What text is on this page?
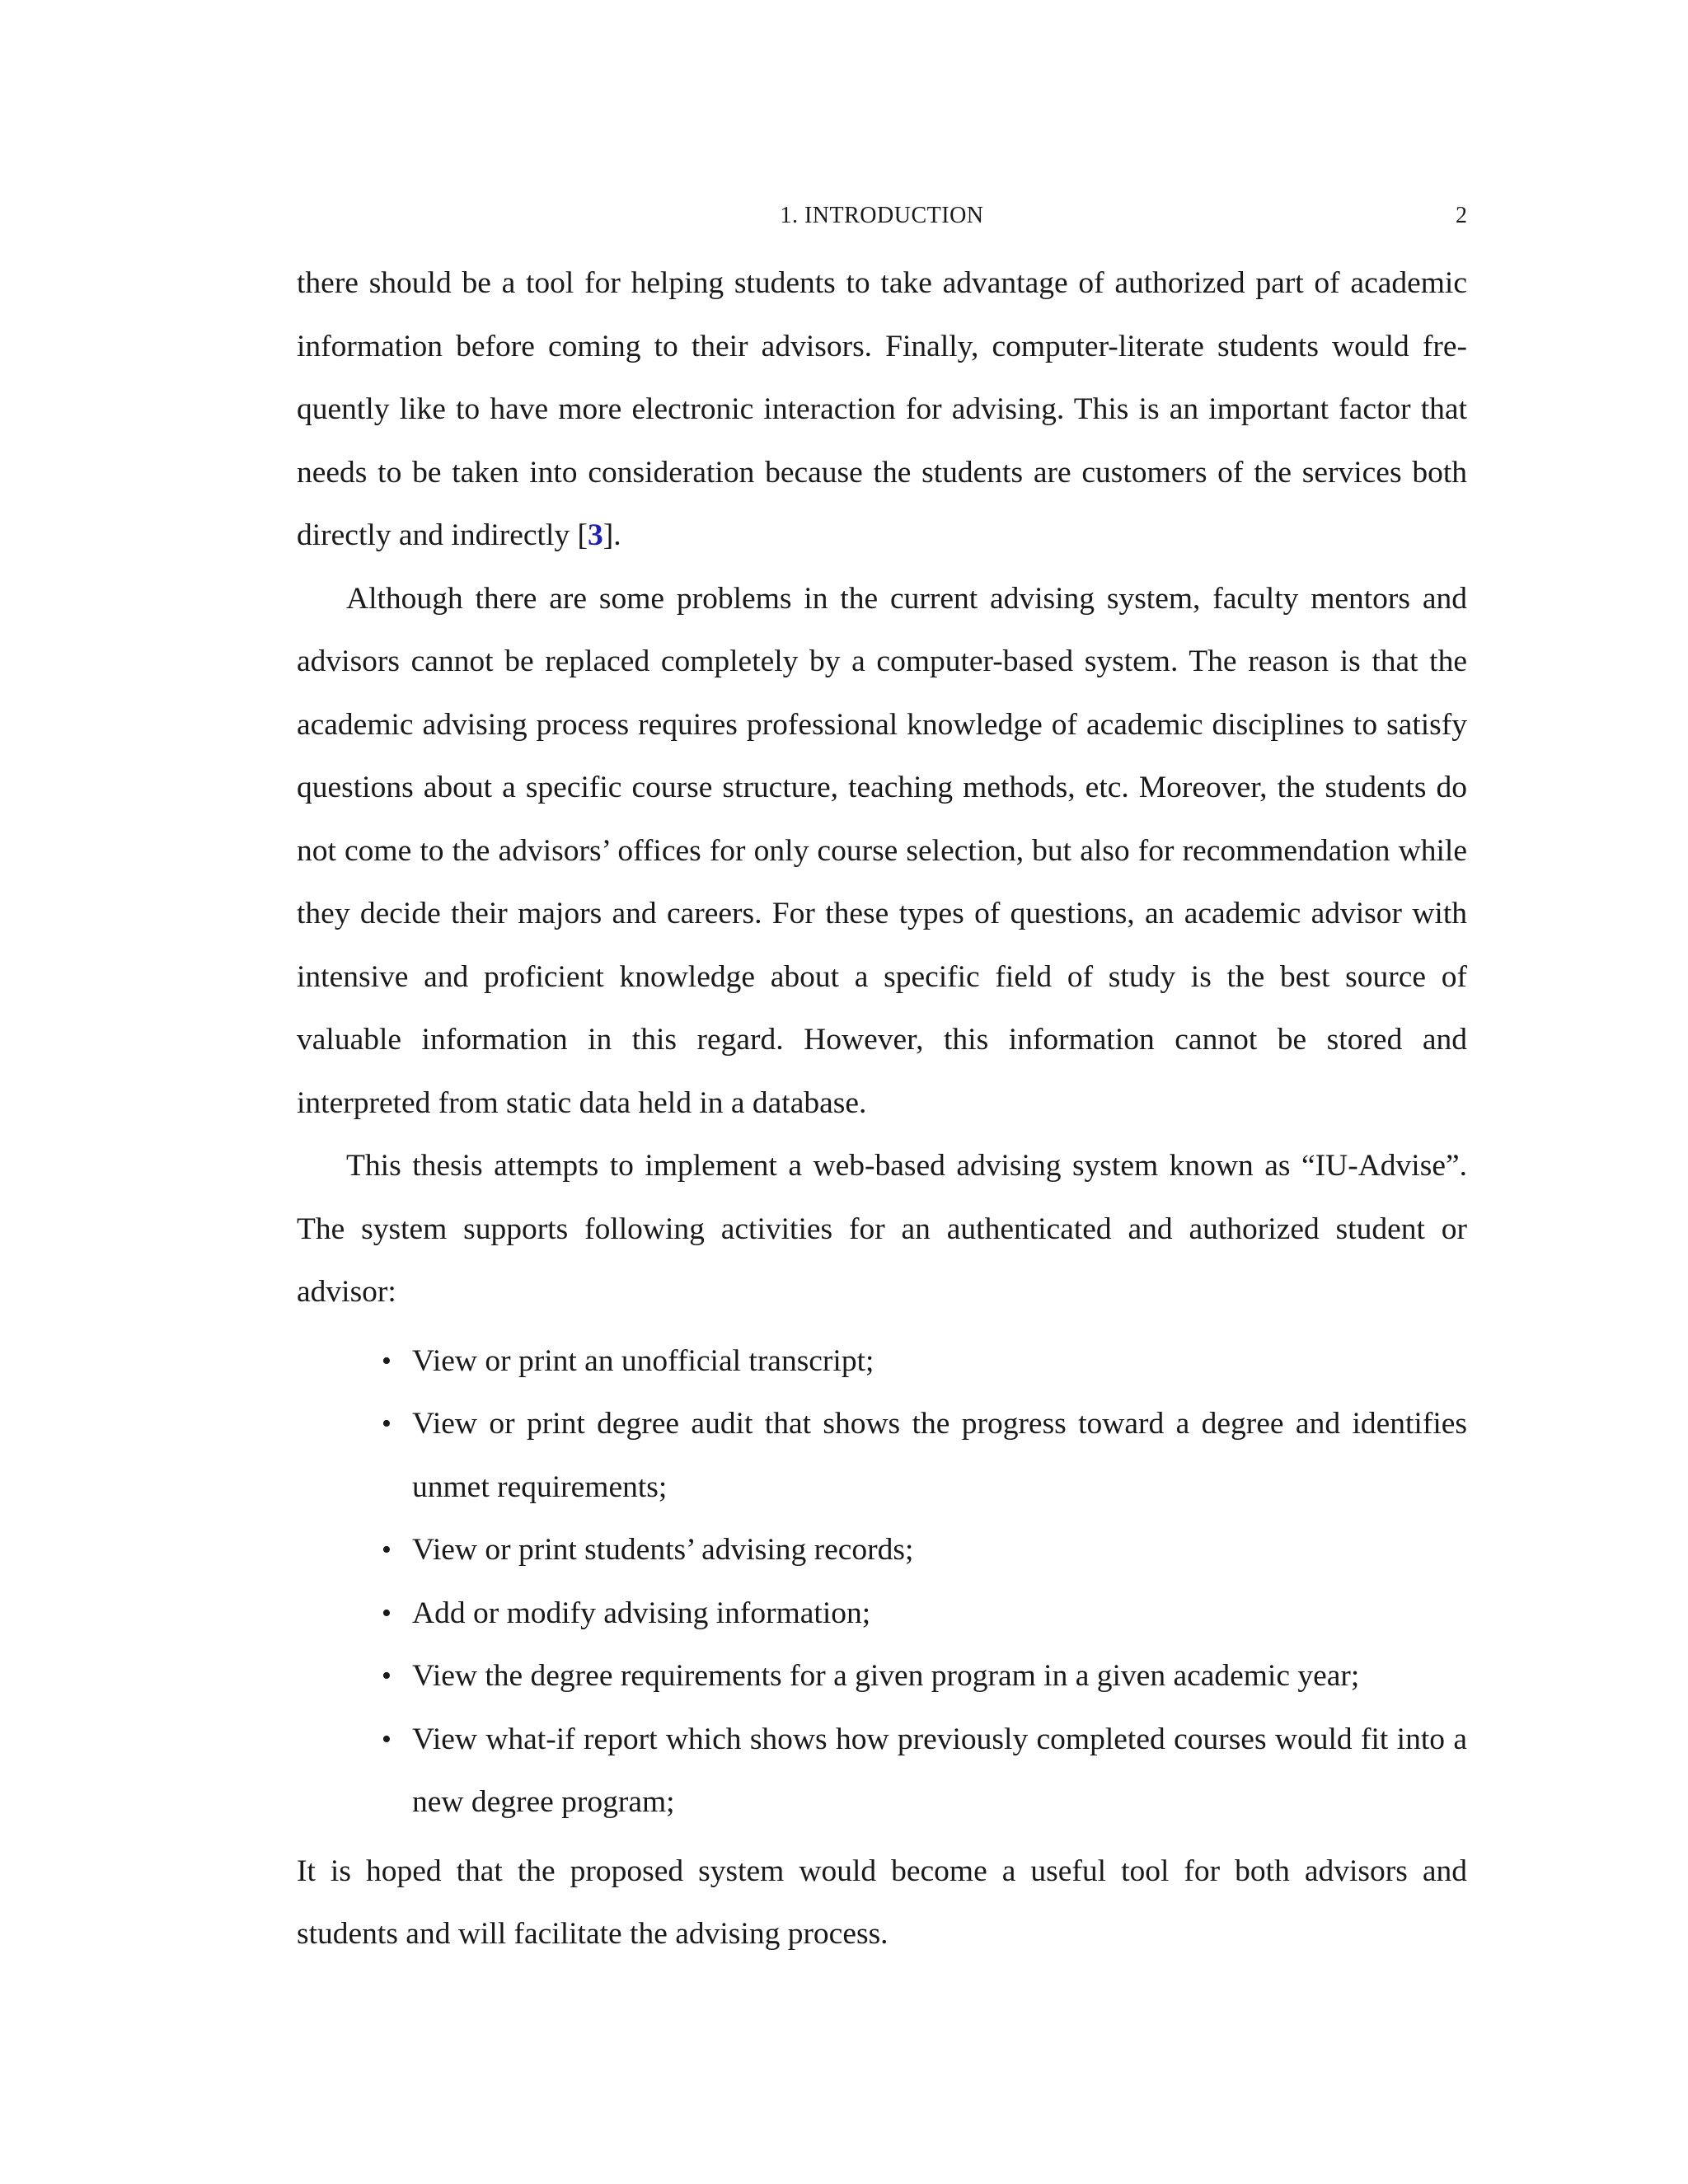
1. INTRODUCTION	2

there should be a tool for helping students to take advantage of authorized part of academic information before coming to their advisors. Finally, computer-literate students would frequently like to have more electronic interaction for advising. This is an important factor that needs to be taken into consideration because the students are customers of the services both directly and indirectly [3].

Although there are some problems in the current advising system, faculty mentors and advisors cannot be replaced completely by a computer-based system. The reason is that the academic advising process requires professional knowledge of academic disciplines to satisfy questions about a specific course structure, teaching methods, etc. Moreover, the students do not come to the advisors’ offices for only course selection, but also for recommendation while they decide their majors and careers. For these types of questions, an academic advisor with intensive and proficient knowledge about a specific field of study is the best source of valuable information in this regard. However, this information cannot be stored and interpreted from static data held in a database.

This thesis attempts to implement a web-based advising system known as “IU-Advise”. The system supports following activities for an authenticated and authorized student or advisor:

• View or print an unofficial transcript;
• View or print degree audit that shows the progress toward a degree and identifies unmet requirements;
• View or print students’ advising records;
• Add or modify advising information;
• View the degree requirements for a given program in a given academic year;
• View what-if report which shows how previously completed courses would fit into a new degree program;

It is hoped that the proposed system would become a useful tool for both advisors and students and will facilitate the advising process.
